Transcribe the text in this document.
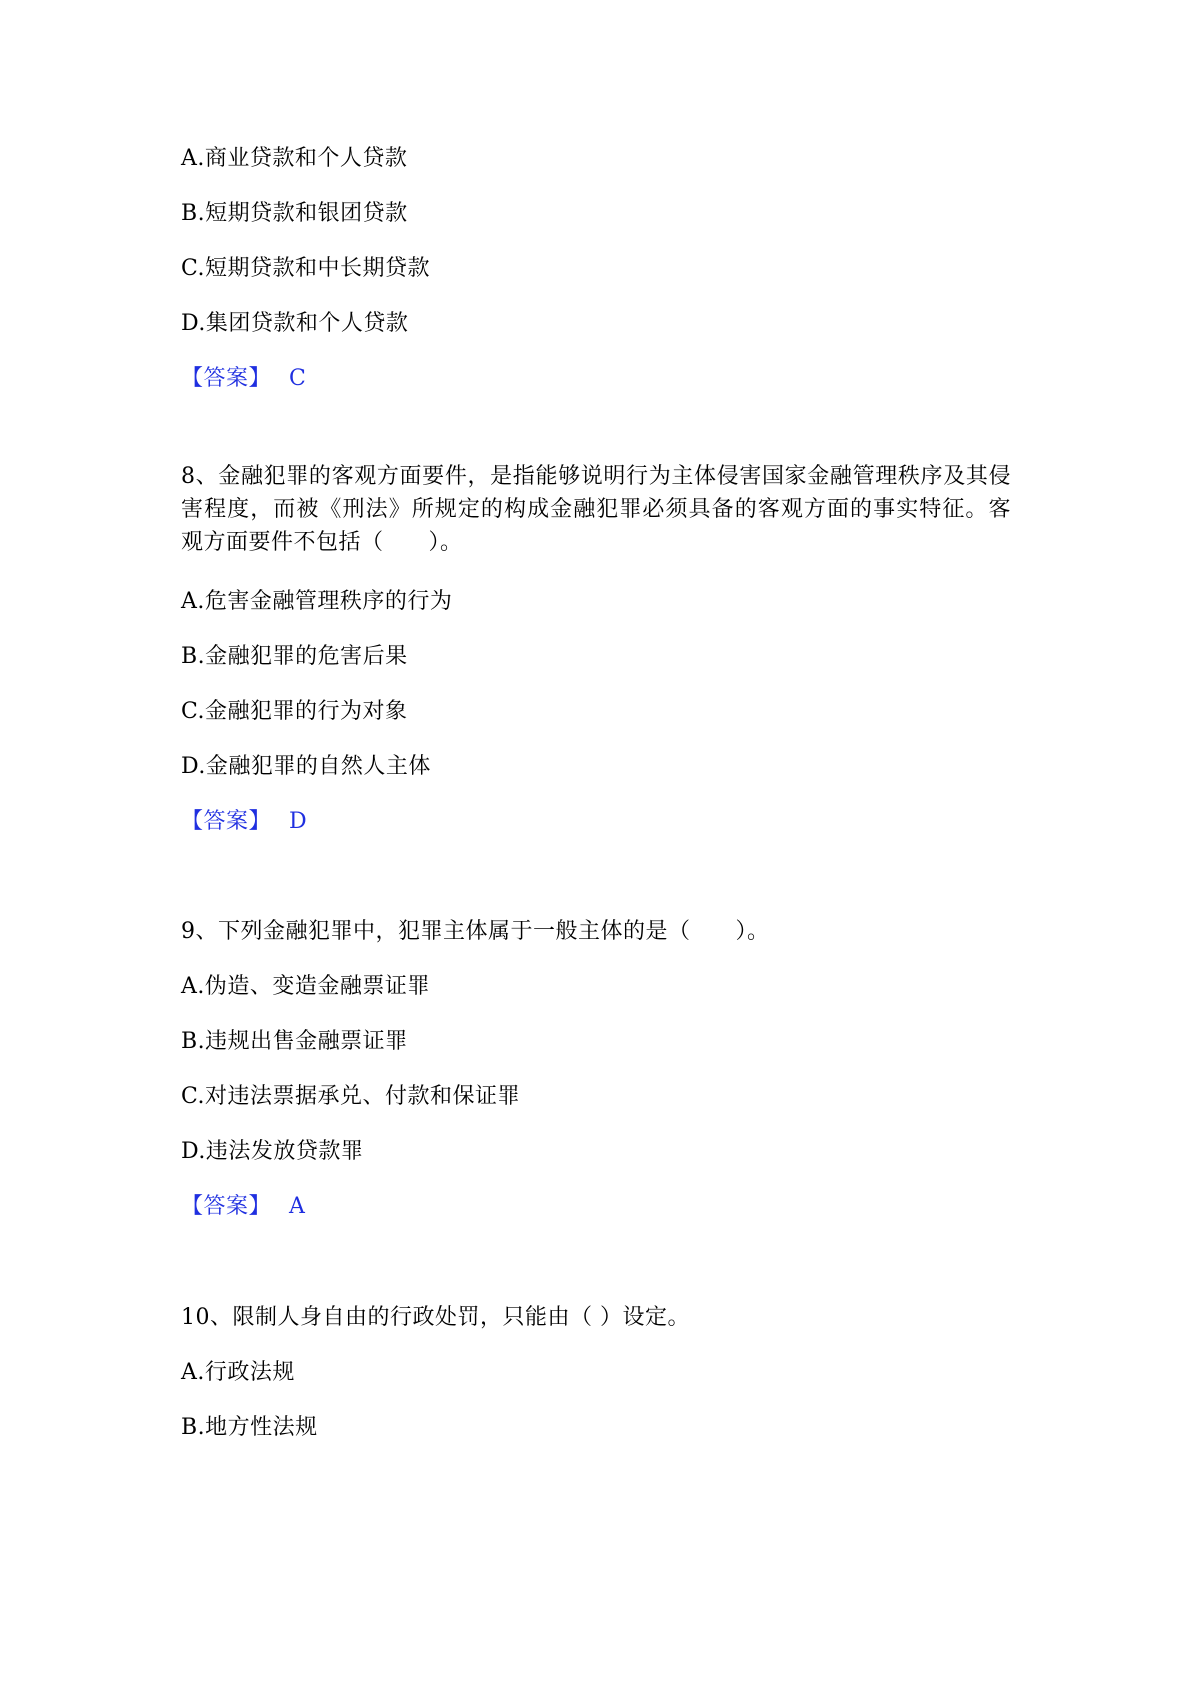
A.商业贷款和个人贷款
B.短期贷款和银团贷款
C.短期贷款和中长期贷款
D.集团贷款和个人贷款
【答案】 C
8、金融犯罪的客观方面要件，是指能够说明行为主体侵害国家金融管理秩序及其侵害程度，而被《刑法》所规定的构成金融犯罪必须具备的客观方面的事实特征。客观方面要件不包括（　　）。
A.危害金融管理秩序的行为
B.金融犯罪的危害后果
C.金融犯罪的行为对象
D.金融犯罪的自然人主体
【答案】 D
9、下列金融犯罪中，犯罪主体属于一般主体的是（　　）。
A.伪造、变造金融票证罪
B.违规出售金融票证罪
C.对违法票据承兑、付款和保证罪
D.违法发放贷款罪
【答案】 A
10、限制人身自由的行政处罚，只能由（ ）设定。
A.行政法规
B.地方性法规
